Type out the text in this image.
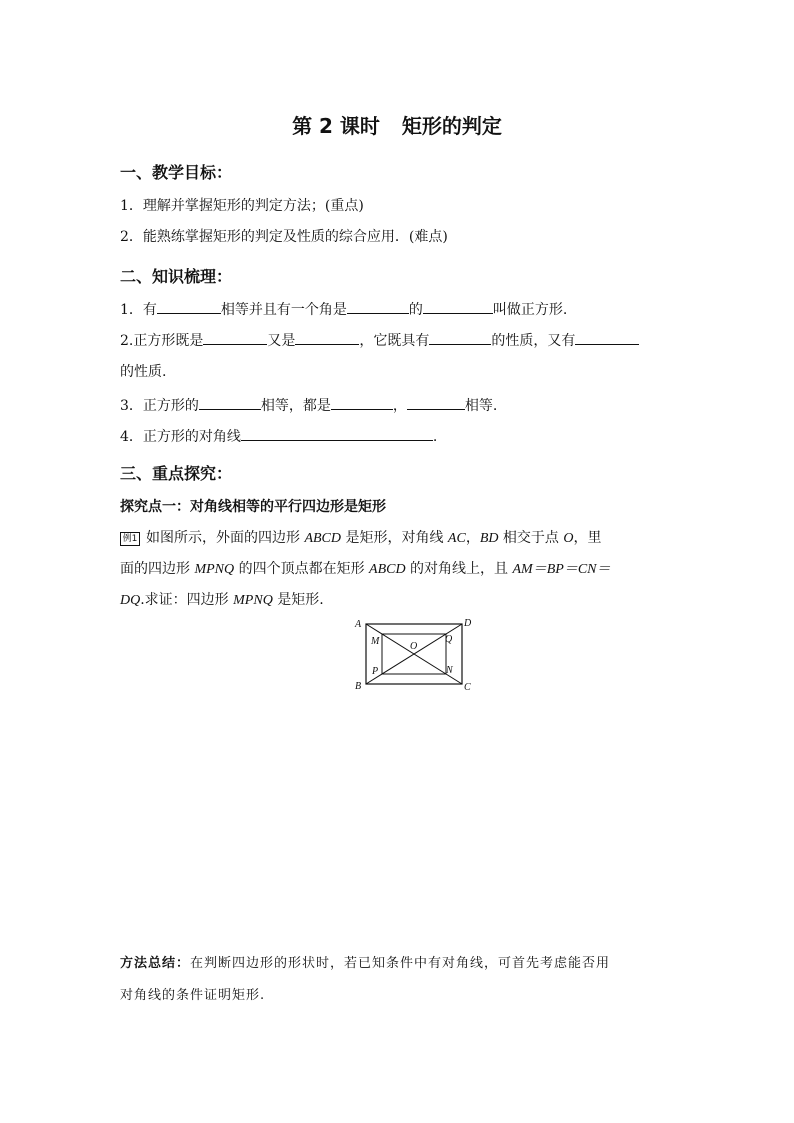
第 2 课时 矩形的判定
一、教学目标：
1．理解并掌握矩形的判定方法；(重点)
2．能熟练掌握矩形的判定及性质的综合应用．(难点)
二、知识梳理：
1．有	相等并且有一个角是	的	叫做正方形.
2.正方形既是	又是	，它既具有	的性质，又有
的性质.
3．正方形的	相等，都是	，	相等.
4．正方形的对角线	.
三、重点探究：
探究点一：对角线相等的平行四边形是矩形
例1 如图所示，外面的四边形 ABCD 是矩形，对角线 AC，BD 相交于点 O，里
面的四边形 MPNQ 的四个顶点都在矩形 ABCD 的对角线上，且 AM＝BP＝CN＝
DQ.求证：四边形 MPNQ 是矩形.
A
B	C
D
M
P	N
Q
O
方法总结：在判断四边形的形状时，若已知条件中有对角线，可首先考虑能否用
对角线的条件证明矩形.
